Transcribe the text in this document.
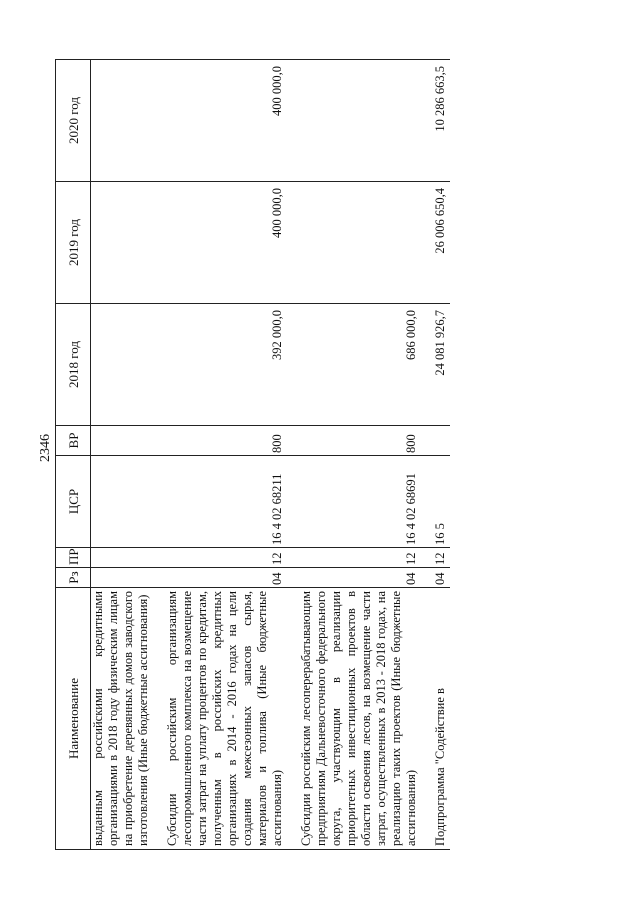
2346
Наименование	Рз	ПР	ЦСР	ВР	2018 год	2019 год	2020 год
выданным российскими кредитными организациями в 2018 году физическим лицам на приобретение деревянных домов заводского изготовления (Иные бюджетные ассигнования)							

Субсидии российским организациям лесопромышленного комплекса на возмещение части затрат на уплату процентов по кредитам, полученным в российских кредитных организациях в 2014 - 2016 годах на цели создания межсезонных запасов сырья, материалов и топлива (Иные бюджетные ассигнования)	04	12	16 4 02 68211	800	392 000,0	400 000,0	400 000,0

Субсидии российским лесоперерабатывающим предприятиям Дальневосточного федерального округа, участвующим в реализации приоритетных инвестиционных проектов в области освоения лесов, на возмещение части затрат, осуществленных в 2013 - 2018 годах, на реализацию таких проектов (Иные бюджетные ассигнования)	04	12	16 4 02 68691	800	686 000,0		

Подпрограмма "Содействие в	04	12	16 5		24 081 926,7	26 006 650,4	10 286 663,5
